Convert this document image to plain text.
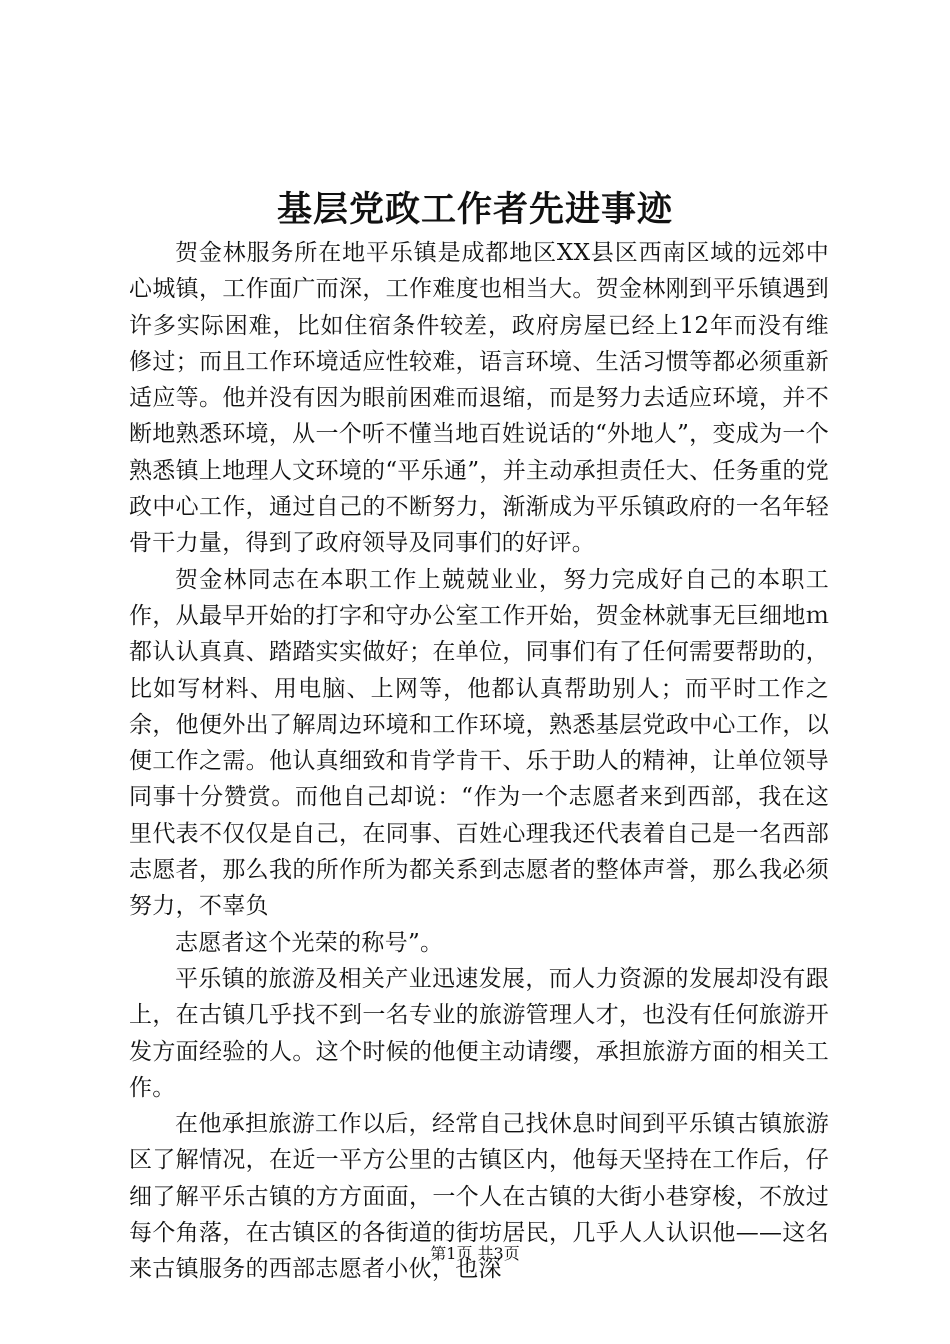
基层党政工作者先进事迹

贺金林服务所在地平乐镇是成都地区XX县区西南区域的远郊中心城镇，工作面广而深，工作难度也相当大。贺金林刚到平乐镇遇到许多实际困难，比如住宿条件较差，政府房屋已经上12年而没有维修过；而且工作环境适应性较难，语言环境、生活习惯等都必须重新适应等。他并没有因为眼前困难而退缩，而是努力去适应环境，并不断地熟悉环境，从一个听不懂当地百姓说话的“外地人”，变成为一个熟悉镇上地理人文环境的“平乐通”，并主动承担责任大、任务重的党政中心工作，通过自己的不断努力，渐渐成为平乐镇政府的一名年轻骨干力量，得到了政府领导及同事们的好评。

贺金林同志在本职工作上兢兢业业，努力完成好自己的本职工作，从最早开始的打字和守办公室工作开始，贺金林就事无巨细地ｍ都认认真真、踏踏实实做好；在单位，同事们有了任何需要帮助的，比如写材料、用电脑、上网等，他都认真帮助别人；而平时工作之余，他便外出了解周边环境和工作环境，熟悉基层党政中心工作，以便工作之需。他认真细致和肯学肯干、乐于助人的精神，让单位领导同事十分赞赏。而他自己却说：“作为一个志愿者来到西部，我在这里代表不仅仅是自己，在同事、百姓心理我还代表着自己是一名西部志愿者，那么我的所作所为都关系到志愿者的整体声誉，那么我必须努力，不辜负

志愿者这个光荣的称号”。

平乐镇的旅游及相关产业迅速发展，而人力资源的发展却没有跟上，在古镇几乎找不到一名专业的旅游管理人才，也没有任何旅游开发方面经验的人。这个时候的他便主动请缨，承担旅游方面的相关工作。

在他承担旅游工作以后，经常自己找休息时间到平乐镇古镇旅游区了解情况，在近一平方公里的古镇区内，他每天坚持在工作后，仔细了解平乐古镇的方方面面，一个人在古镇的大街小巷穿梭，不放过每个角落，在古镇区的各街道的街坊居民，几乎人人认识他——这名来古镇服务的西部志愿者小伙，也深

第1页 共3页
